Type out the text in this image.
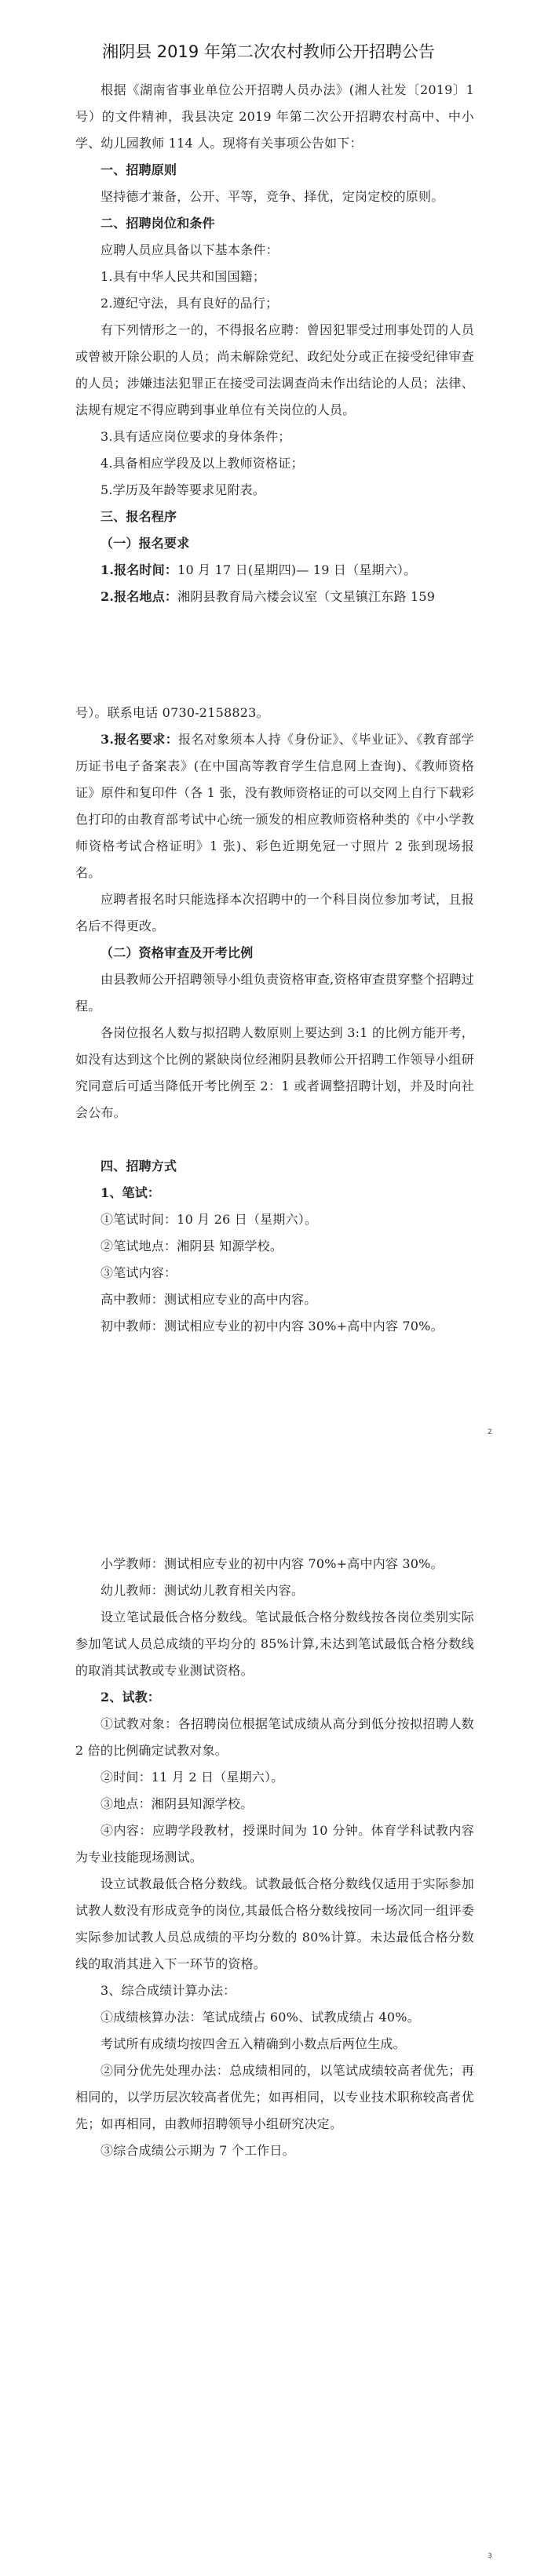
湘阴县 2019 年第二次农村教师公开招聘公告

根据《湖南省事业单位公开招聘人员办法》(湘人社发〔2019〕1 号）的文件精神，我县决定 2019 年第二次公开招聘农村高中、中小学、幼儿园教师 114 人。现将有关事项公告如下：

一、招聘原则

坚持德才兼备，公开、平等，竞争、择优，定岗定校的原则。

二、招聘岗位和条件

应聘人员应具备以下基本条件：

1.具有中华人民共和国国籍；

2.遵纪守法，具有良好的品行；

有下列情形之一的，不得报名应聘：曾因犯罪受过刑事处罚的人员或曾被开除公职的人员；尚未解除党纪、政纪处分或正在接受纪律审查的人员；涉嫌违法犯罪正在接受司法调查尚未作出结论的人员；法律、法规有规定不得应聘到事业单位有关岗位的人员。

3.具有适应岗位要求的身体条件；

4.具备相应学段及以上教师资格证；

5.学历及年龄等要求见附表。

三、报名程序

（一）报名要求

1.报名时间：10 月 17 日(星期四)— 19 日（星期六）。

2.报名地点：湘阴县教育局六楼会议室（文星镇江东路 159

号）。联系电话 0730-2158823。

3.报名要求：报名对象须本人持《身份证》、《毕业证》、《教育部学历证书电子备案表》(在中国高等教育学生信息网上查询)、《教师资格证》原件和复印件（各 1 张，没有教师资格证的可以交网上自行下载彩色打印的由教育部考试中心统一颁发的相应教师资格种类的《中小学教师资格考试合格证明》1 张)、彩色近期免冠一寸照片 2 张到现场报名。

应聘者报名时只能选择本次招聘中的一个科目岗位参加考试，且报名后不得更改。

（二）资格审查及开考比例

由县教师公开招聘领导小组负责资格审查,资格审查贯穿整个招聘过程。

各岗位报名人数与拟招聘人数原则上要达到 3:1 的比例方能开考，如没有达到这个比例的紧缺岗位经湘阴县教师公开招聘工作领导小组研究同意后可适当降低开考比例至 2：1 或者调整招聘计划，并及时向社会公布。

四、招聘方式

1、笔试：

①笔试时间：10 月 26 日（星期六）。

②笔试地点：湘阴县 知源学校。

③笔试内容：

高中教师：测试相应专业的高中内容。

初中教师：测试相应专业的初中内容 30%+高中内容 70%。

2

小学教师：测试相应专业的初中内容 70%+高中内容 30%。

幼儿教师：测试幼儿教育相关内容。

设立笔试最低合格分数线。笔试最低合格分数线按各岗位类别实际参加笔试人员总成绩的平均分的 85%计算,未达到笔试最低合格分数线的取消其试教或专业测试资格。

2、试教：

①试教对象：各招聘岗位根据笔试成绩从高分到低分按拟招聘人数 2 倍的比例确定试教对象。

②时间：11 月 2 日（星期六）。

③地点：湘阴县知源学校。

④内容：应聘学段教材，授课时间为 10 分钟。体育学科试教内容为专业技能现场测试。

设立试教最低合格分数线。试教最低合格分数线仅适用于实际参加试教人数没有形成竞争的岗位,其最低合格分数线按同一场次同一组评委实际参加试教人员总成绩的平均分数的 80%计算。未达最低合格分数线的取消其进入下一环节的资格。

3、综合成绩计算办法：

①成绩核算办法：笔试成绩占 60%、试教成绩占 40%。

考试所有成绩均按四舍五入精确到小数点后两位生成。

②同分优先处理办法：总成绩相同的，以笔试成绩较高者优先；再相同的，以学历层次较高者优先；如再相同，以专业技术职称较高者优先；如再相同，由教师招聘领导小组研究决定。

③综合成绩公示期为 7 个工作日。

3
